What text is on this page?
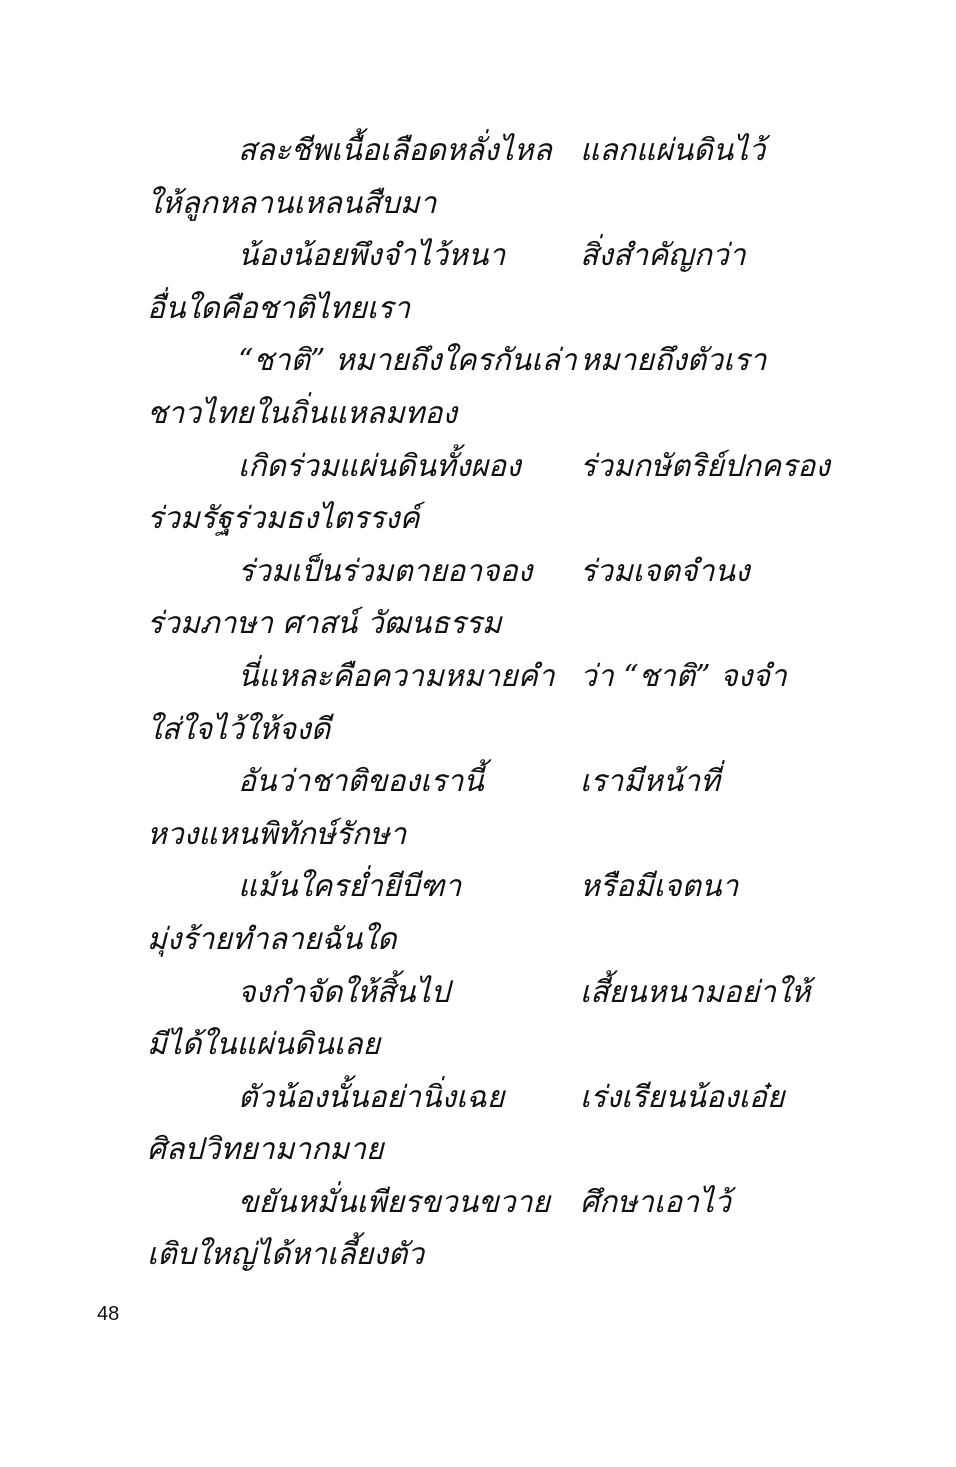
สละชีพเนื้อเลือดหลั่งไหล แลกแผ่นดินไว้
ให้ลูกหลานเหลนสืบมา
น้องน้อยพึงจำไว้หนา สิ่งสำคัญกว่า
อื่นใดคือชาติไทยเรา
“ชาติ” หมายถึงใครกันเล่า หมายถึงตัวเรา
ชาวไทยในถิ่นแหลมทอง
เกิดร่วมแผ่นดินทั้งผอง ร่วมกษัตริย์ปกครอง
ร่วมรัฐร่วมธงไตรรงค์
ร่วมเป็นร่วมตายอาจอง ร่วมเจตจำนง
ร่วมภาษา ศาสน์ วัฒนธรรม
นี่แหละคือความหมายคำ ว่า “ชาติ” จงจำ
ใส่ใจไว้ให้จงดี
อันว่าชาติของเรานี้	เรามีหน้าที่
หวงแหนพิทักษ์รักษา
แม้นใครย่ำยีบีฑา	หรือมีเจตนา
มุ่งร้ายทำลายฉันใด
จงกำจัดให้สิ้นไป	เสี้ยนหนามอย่าให้
มีได้ในแผ่นดินเลย
ตัวน้องนั้นอย่านิ่งเฉย	เร่งเรียนน้องเอ๋ย
ศิลปวิทยามากมาย
ขยันหมั่นเพียรขวนขวาย ศึกษาเอาไว้
เติบใหญ่ได้หาเลี้ยงตัว
48
